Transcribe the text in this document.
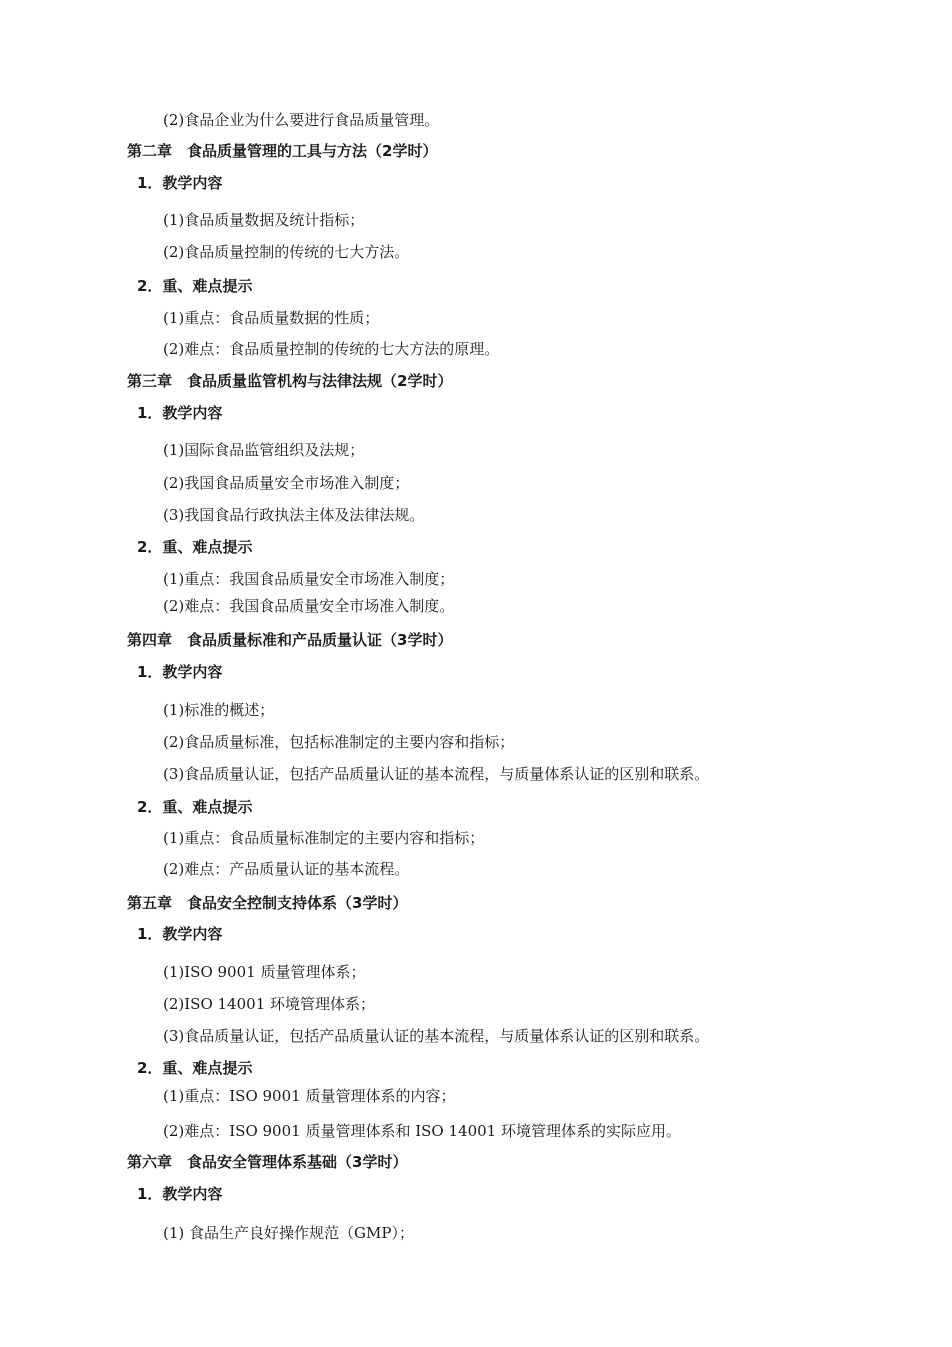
(2)食品企业为什么要进行食品质量管理。
第二章　食品质量管理的工具与方法（2学时）
1．教学内容
(1)食品质量数据及统计指标；
(2)食品质量控制的传统的七大方法。
2．重、难点提示
(1)重点：食品质量数据的性质；
(2)难点：食品质量控制的传统的七大方法的原理。
第三章　食品质量监管机构与法律法规（2学时）
1．教学内容
(1)国际食品监管组织及法规；
(2)我国食品质量安全市场准入制度；
(3)我国食品行政执法主体及法律法规。
2．重、难点提示
(1)重点：我国食品质量安全市场准入制度；
(2)难点：我国食品质量安全市场准入制度。
第四章　食品质量标准和产品质量认证（3学时）
1．教学内容
(1)标准的概述；
(2)食品质量标准，包括标准制定的主要内容和指标；
(3)食品质量认证，包括产品质量认证的基本流程，与质量体系认证的区别和联系。
2．重、难点提示
(1)重点：食品质量标准制定的主要内容和指标；
(2)难点：产品质量认证的基本流程。
第五章　食品安全控制支持体系（3学时）
1．教学内容
(1)ISO 9001 质量管理体系；
(2)ISO 14001 环境管理体系；
(3)食品质量认证，包括产品质量认证的基本流程，与质量体系认证的区别和联系。
2．重、难点提示
(1)重点：ISO 9001 质量管理体系的内容；
(2)难点：ISO 9001 质量管理体系和 ISO 14001 环境管理体系的实际应用。
第六章　食品安全管理体系基础（3学时）
1．教学内容
(1) 食品生产良好操作规范（GMP）；
